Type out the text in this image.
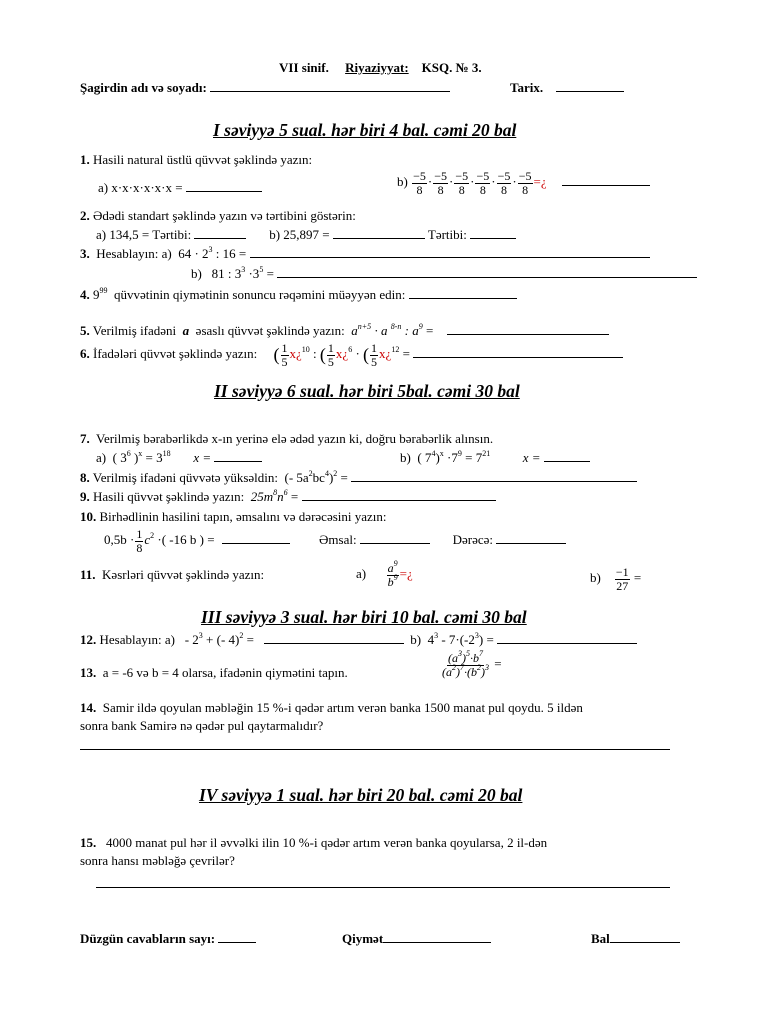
VII sinif. Riyaziyyat: KSQ. № 3.
Şagirdin adı və soyadı:	Tarix.
I səviyyə 5 sual. hər biri 4 bal. cəmi 20 bal
1. Hasili natural üstlü qüvvət şəklində yazın:
a) x·x·x·x·x·x =	$b) \frac{-5}{8} \cdot \frac{-5}{8} \cdot \frac{-5}{8} \cdot \frac{-5}{8} \cdot \frac{-5}{8} \cdot \frac{-5}{8}$ =¿
2. Ədədi standart şəklində yazın və tərtibini göstərin:
a) 134,5 = Tərtibi:	b) 25,897 =	Tərtibi:
3. Hesablayın: a) $64 \cdot 2^3$ : 16 =
b) 81 : $3^3 \cdot 3^5$ =
4. $9^{99}$ qüvvətinin qiymətinin sonuncu rəqəmini müəyyən edin:
5. Verilmiş ifadəni a əsaslı qüvvət şəklində yazın: $a^{n+5} \cdot a$ $^{8-n}$ : $a^9$ =
6. İfadələri qüvvət şəklində yazın: ( $\frac{1}{5}$ x¿$^{10}$ : ( $\frac{1}{5}$ x¿$^6$ · ( $\frac{1}{5}$ x¿$^{12}$ =
II səviyyə 6 sual. hər biri 5bal. cəmi 30 bal
7. Verilmiş bərabərlikdə x-ın yerinə elə ədəd yazın ki, doğru bərabərlik alınsın.
a) ( $3^6$ )$^x = 3^{18}$ x =	b) ( $7^4)^x \cdot 7^9 = 7^{21}$	x =
8. Verilmiş ifadəni qüvvətə yüksəldin: (- $5a^2bc^4)^2$ =
9. Hasili qüvvət şəklində yazın: $25m^8n^6$ =
10. Birhədlinin hasilini tapın, əmsalını və dərəcəsini yazın:
$0,5b \cdot \frac{1}{8} c^2$ ·( -16 b ) =	Əmsal:	Dərəcə:
11. Kəsrləri qüvvət şəklində yazın:	$a) \frac{a^9}{b^9}$ =¿	$b) \frac{-1}{27}$ =
III səviyyə 3 sual. hər biri 10 bal. cəmi 30 bal
12. Hesablayın: $a) - 2^3$ + (- 4)$^2$ =	b) $4^3 - 7\cdot(-2^3)$ =
13. a = -6 və b = 4 olarsa, ifadənin qiymətini tapın.	$\frac{(a^3)^5\cdot b^7}{(a^2)^7\cdot(b^2)^3}$ =
14. Samir ildə qoyulan məbləğin 15 %-i qədər artım verən banka 1500 manat pul qoydu. 5 ildən
sonra bank Samirə nə qədər pul qaytarmalıdır?
IV səviyyə 1 sual. hər biri 20 bal. cəmi 20 bal
15. 4000 manat pul hər il əvvəlki ilin 10 %-i qədər artım verən banka qoyularsa, 2 il-dən
sonra hansı məbləğə çevrilər?
Düzgün cavabların sayı:	Qiymət	Bal
